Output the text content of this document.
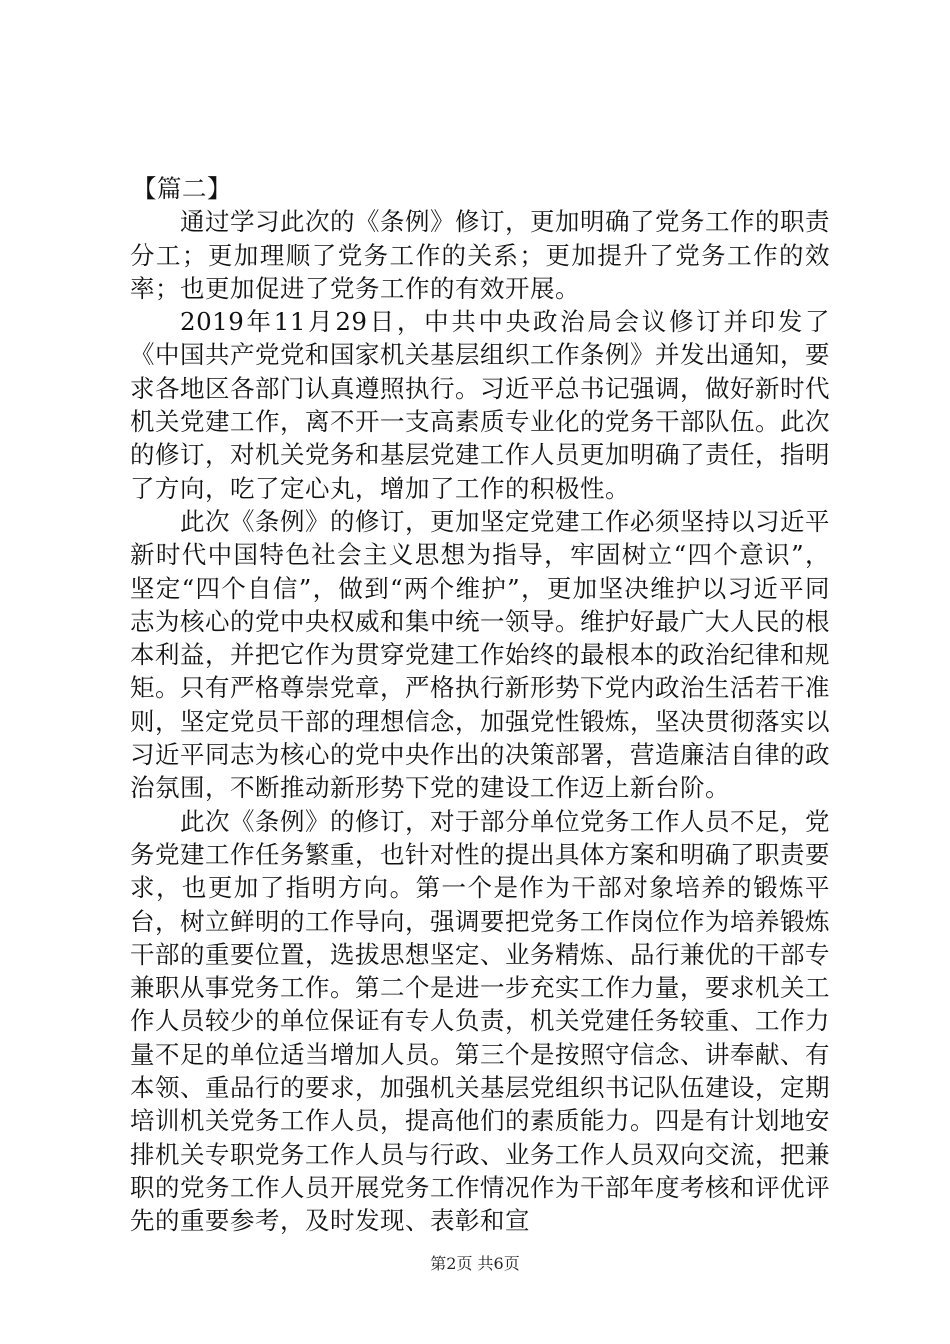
【篇二】

通过学习此次的《条例》修订，更加明确了党务工作的职责分工；更加理顺了党务工作的关系；更加提升了党务工作的效率；也更加促进了党务工作的有效开展。

2019年11月29日，中共中央政治局会议修订并印发了《中国共产党党和国家机关基层组织工作条例》并发出通知，要求各地区各部门认真遵照执行。习近平总书记强调，做好新时代机关党建工作，离不开一支高素质专业化的党务干部队伍。此次的修订，对机关党务和基层党建工作人员更加明确了责任，指明了方向，吃了定心丸，增加了工作的积极性。

此次《条例》的修订，更加坚定党建工作必须坚持以习近平新时代中国特色社会主义思想为指导，牢固树立“四个意识”，坚定“四个自信”，做到“两个维护”，更加坚决维护以习近平同志为核心的党中央权威和集中统一领导。维护好最广大人民的根本利益，并把它作为贯穿党建工作始终的最根本的政治纪律和规矩。只有严格尊崇党章，严格执行新形势下党内政治生活若干准则，坚定党员干部的理想信念，加强党性锻炼，坚决贯彻落实以习近平同志为核心的党中央作出的决策部署，营造廉洁自律的政治氛围，不断推动新形势下党的建设工作迈上新台阶。

此次《条例》的修订，对于部分单位党务工作人员不足，党务党建工作任务繁重，也针对性的提出具体方案和明确了职责要求，也更加了指明方向。第一个是作为干部对象培养的锻炼平台，树立鲜明的工作导向，强调要把党务工作岗位作为培养锻炼干部的重要位置，选拔思想坚定、业务精炼、品行兼优的干部专兼职从事党务工作。第二个是进一步充实工作力量，要求机关工作人员较少的单位保证有专人负责，机关党建任务较重、工作力量不足的单位适当增加人员。第三个是按照守信念、讲奉献、有本领、重品行的要求，加强机关基层党组织书记队伍建设，定期培训机关党务工作人员，提高他们的素质能力。四是有计划地安排机关专职党务工作人员与行政、业务工作人员双向交流，把兼职的党务工作人员开展党务工作情况作为干部年度考核和评优评先的重要参考，及时发现、表彰和宣

第2页 共6页
